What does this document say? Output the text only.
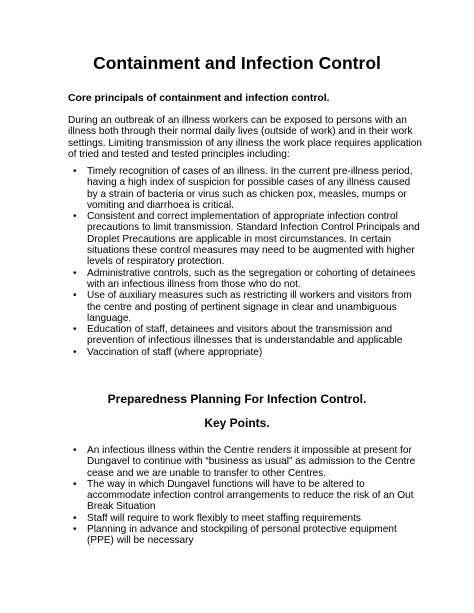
Containment and Infection Control
Core principals of containment and infection control.
During an outbreak of an illness workers can be exposed to persons with an
illness both through their normal daily lives (outside of work) and in their work
settings. Limiting transmission of any illness the work place requires application
of tried and tested and tested principles including:
• Timely recognition of cases of an illness. In the current pre-illness period,
having a high index of suspicion for possible cases of any illness caused
by a strain of bacteria or virus such as chicken pox, measles, mumps or
vomiting and diarrhoea is critical.
• Consistent and correct implementation of appropriate infection control
precautions to limit transmission. Standard Infection Control Principals and
Droplet Precautions are applicable in most circumstances. In certain
situations these control measures may need to be augmented with higher
levels of respiratory protection.
• Administrative controls, such as the segregation or cohorting of detainees
with an infectious illness from those who do not.
• Use of auxiliary measures such as restricting ill workers and visitors from
the centre and posting of pertinent signage in clear and unambiguous
language.
• Education of staff, detainees and visitors about the transmission and
prevention of infectious illnesses that is understandable and applicable
• Vaccination of staff (where appropriate)
Preparedness Planning For Infection Control.
Key Points.
• An infectious illness within the Centre renders it impossible at present for
Dungavel to continue with “business as usual” as admission to the Centre
cease and we are unable to transfer to other Centres.
• The way in which Dungavel functions will have to be altered to
accommodate infection control arrangements to reduce the risk of an Out
Break Situation
• Staff will require to work flexibly to meet staffing requirements
• Planning in advance and stockpiling of personal protective equipment
(PPE) will be necessary
